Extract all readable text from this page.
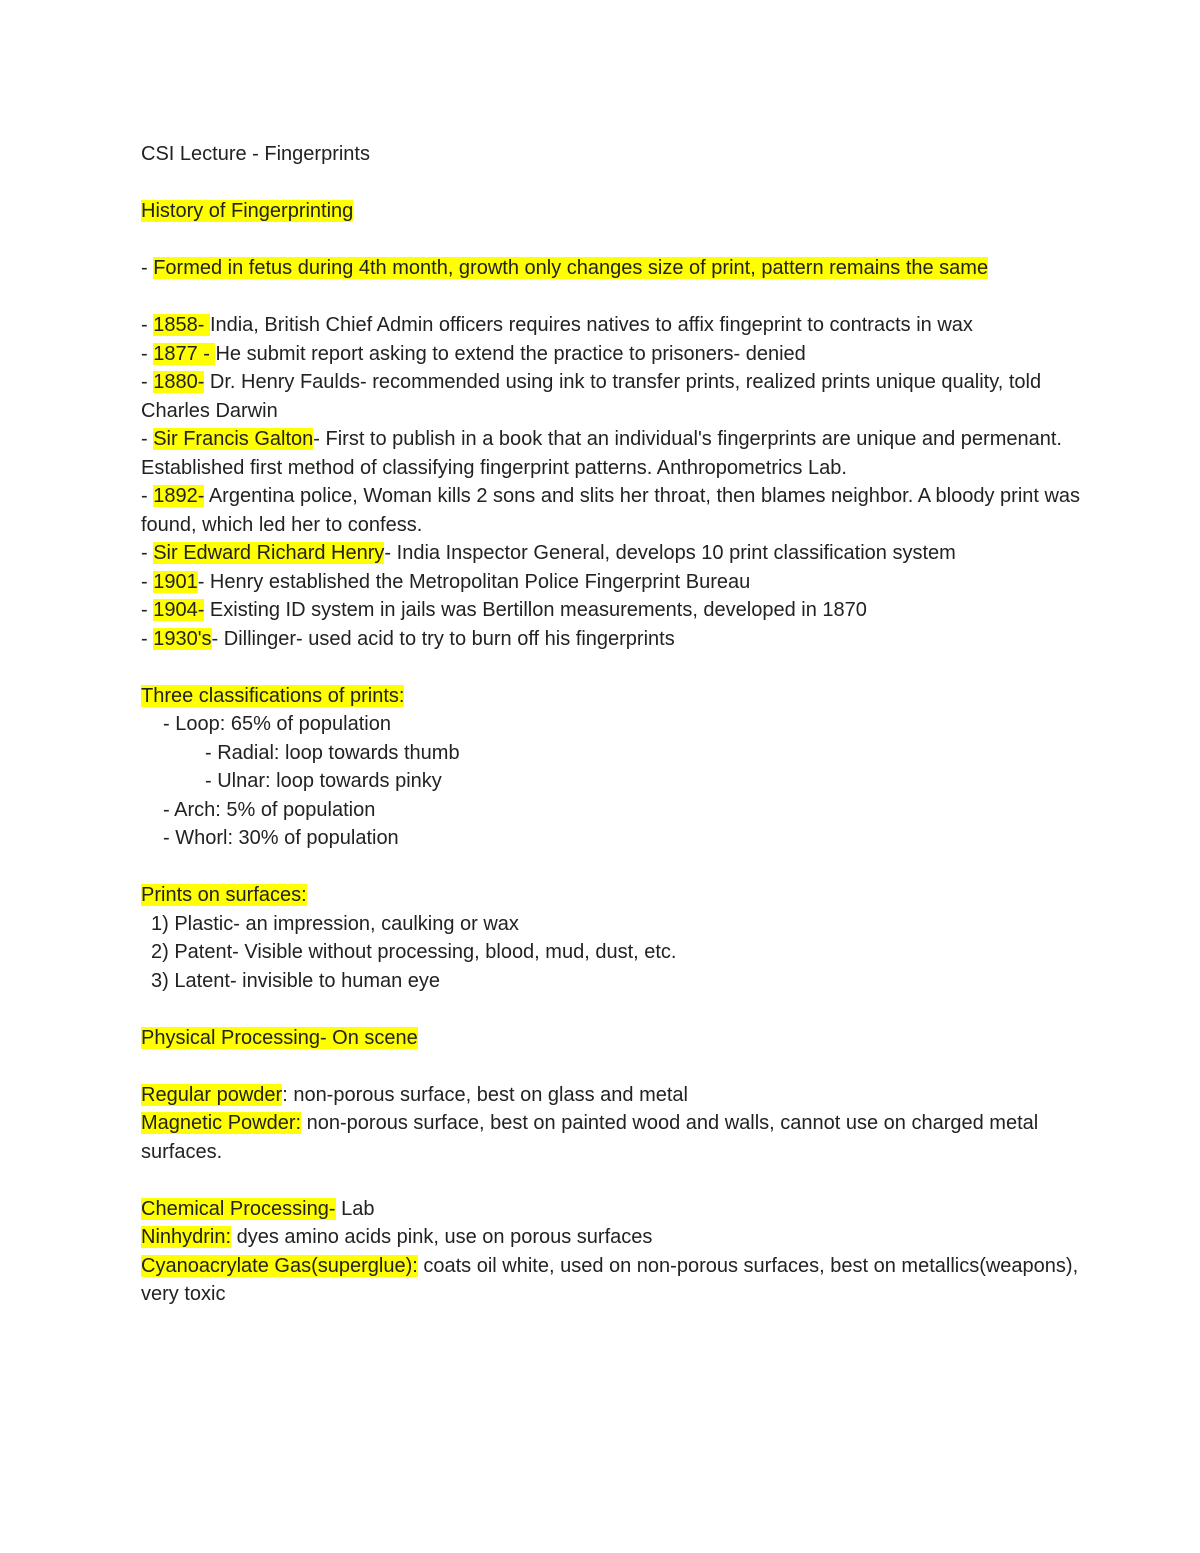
CSI Lecture - Fingerprints
History of Fingerprinting
- Formed in fetus during 4th month, growth only changes size of print, pattern remains the same
- 1858- India, British Chief Admin officers requires natives to affix fingeprint to contracts in wax
- 1877 - He submit report asking to extend the practice to prisoners- denied
- 1880- Dr. Henry Faulds- recommended using ink to transfer prints, realized prints unique quality, told Charles Darwin
- Sir Francis Galton- First to publish in a book that an individual's fingerprints are unique and permenant. Established first method of classifying fingerprint patterns. Anthropometrics Lab.
- 1892- Argentina police, Woman kills 2 sons and slits her throat, then blames neighbor. A bloody print was found, which led her to confess.
- Sir Edward Richard Henry- India Inspector General, develops 10 print classification system
- 1901- Henry established the Metropolitan Police Fingerprint Bureau
- 1904- Existing ID system in jails was Bertillon measurements, developed in 1870
- 1930's- Dillinger- used acid to try to burn off his fingerprints
Three classifications of prints:
- Loop: 65% of population
- Radial: loop towards thumb
- Ulnar: loop towards pinky
- Arch: 5% of population
- Whorl: 30% of population
Prints on surfaces:
1) Plastic- an impression, caulking or wax
2) Patent- Visible without processing, blood, mud, dust, etc.
3) Latent- invisible to human eye
Physical Processing- On scene
Regular powder: non-porous surface, best on glass and metal
Magnetic Powder: non-porous surface, best on painted wood and walls, cannot use on charged metal surfaces.
Chemical Processing- Lab
Ninhydrin: dyes amino acids pink, use on porous surfaces
Cyanoacrylate Gas(superglue): coats oil white, used on non-porous surfaces, best on metallics(weapons), very toxic
